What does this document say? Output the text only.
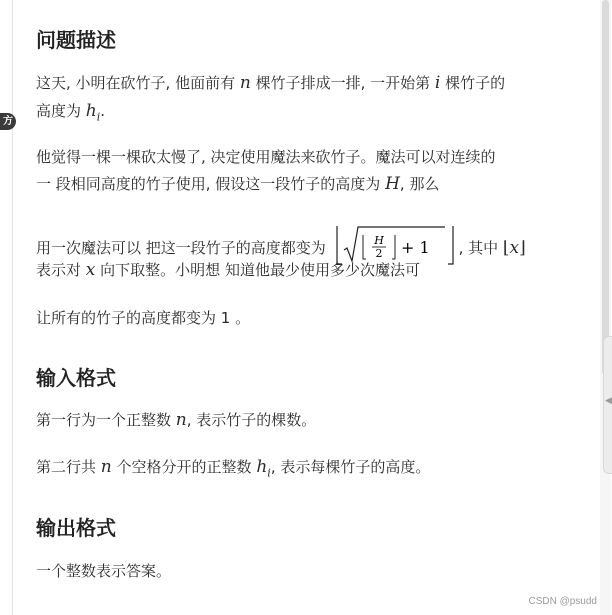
方
◀
问题描述
这天, 小明在砍竹子, 他面前有 n 棵竹子排成一排, 一开始第 i 棵竹子的
高度为 $h_i$.
他觉得一棵一棵砍太慢了, 决定使用魔法来砍竹子。魔法可以对连续的
一 段相同高度的竹子使用, 假设这一段竹子的高度为 H, 那么
用一次魔法可以 把这一段竹子的高度都变为	H
2 + 1 , 其中 ⌊x⌋
表示对 x 向下取整。小明想 知道他最少使用多少次魔法可
让所有的竹子的高度都变为 1 。
输入格式
第一行为一个正整数 n, 表示竹子的棵数。
第二行共 n 个空格分开的正整数 $h_i$, 表示每棵竹子的高度。
输出格式
一个整数表示答案。
CSDN @psudd
